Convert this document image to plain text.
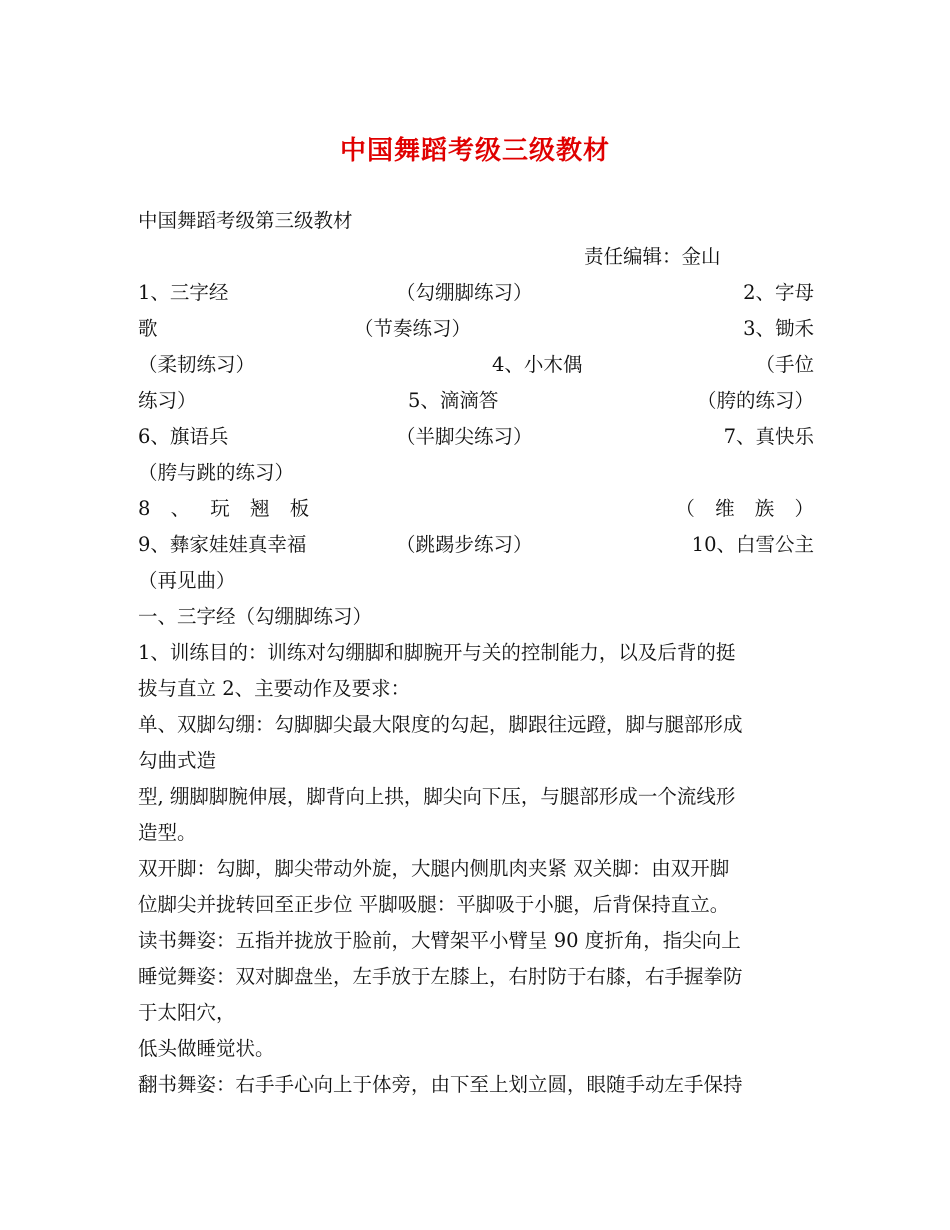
中国舞蹈考级三级教材
中国舞蹈考级第三级教材
责任编辑：金山
1、三字经	（勾绷脚练习）	2、字母
歌	（节奏练习）	3、锄禾
（柔韧练习）	4、小木偶	（手位
练习）	5、滴滴答	（胯的练习）
6、旗语兵	（半脚尖练习）	7、真快乐
（胯与跳的练习）
8 、 玩 翘 板	（ 维 族 ）
9、彝家娃娃真幸福	（跳踢步练习）	10、白雪公主
（再见曲）
一、三字经（勾绷脚练习）
1、训练目的：训练对勾绷脚和脚腕开与关的控制能力，以及后背的挺
拔与直立 2、主要动作及要求：
单、双脚勾绷：勾脚脚尖最大限度的勾起，脚跟往远蹬，脚与腿部形成
勾曲式造
型, 绷脚脚腕伸展，脚背向上拱，脚尖向下压，与腿部形成一个流线形
造型。
双开脚：勾脚，脚尖带动外旋，大腿内侧肌肉夹紧 双关脚：由双开脚
位脚尖并拢转回至正步位 平脚吸腿：平脚吸于小腿，后背保持直立。
读书舞姿：五指并拢放于脸前，大臂架平小臂呈 90 度折角，指尖向上
睡觉舞姿：双对脚盘坐，左手放于左膝上，右肘防于右膝，右手握拳防
于太阳穴，
低头做睡觉状。
翻书舞姿：右手手心向上于体旁，由下至上划立圆，眼随手动左手保持
